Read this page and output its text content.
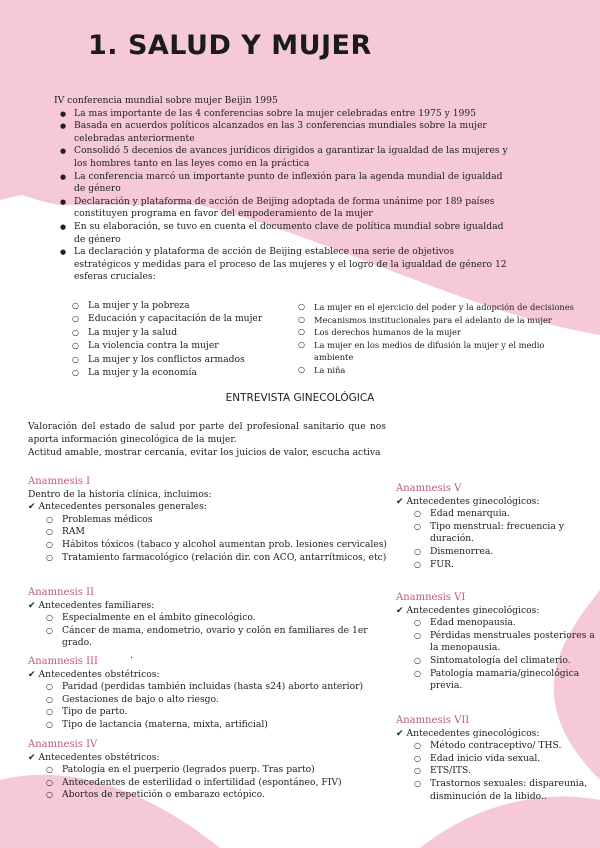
1. SALUD Y MUJER
IV conferencia mundial sobre mujer Beijin 1995
● La mas importante de las 4 conferencias sobre la mujer celebradas entre 1975 y 1995
● Basada en acuerdos políticos alcanzados en las 3 conferencias mundiales sobre la mujer celebradas anteriormente
● Consolidó 5 decenios de avances jurídicos dirigidos a garantizar la igualdad de las mujeres y los hombres tanto en las leyes como en la práctica
● La conferencia marcó un importante punto de inflexión para la agenda mundial de igualdad de género
● Declaración y plataforma de acción de Beijing adoptada de forma unánime por 189 países constituyen programa en favor del empoderamiento de la mujer
● En su elaboración, se tuvo en cuenta el documento clave de política mundial sobre igualdad de género
● La declaración y plataforma de acción de Beijing establece una serie de objetivos estratégicos y medidas para el proceso de las mujeres y el logro de la igualdad de género 12 esferas cruciales:
○ La mujer y la pobreza
○ Educación y capacitación de la mujer
○ La mujer y la salud
○ La violencia contra la mujer
○ La mujer y los conflictos armados
○ La mujer y la economía
○ La mujer en el ejercicio del poder y la adopción de decisiones
○ Mecanismos institucionales para el adelanto de la mujer
○ Los derechos humanos de la mujer
○ La mujer en los medios de difusión la mujer y el medio ambiente
○ La niña
ENTREVISTA GINECOLÓGICA
Valoración del estado de salud por parte del profesional sanitario que nos aporta información ginecológica de la mujer.
Actitud amable, mostrar cercanía, evitar los juicios de valor, escucha activa
Anamnesis I
Dentro de la historia clínica, incluimos:
✔ Antecedentes personales generales:
○ Problemas médicos
○ RAM
○ Hábitos tóxicos (tabaco y alcohol aumentan prob. lesiones cervicales)
○ Tratamiento farmacológico (relación dir. con ACO, antarrítmicos, etc)
Anamnesis II
✔ Antecedentes familiares:
○ Especialmente en el ámbito ginecológico.
○ Cáncer de mama, endometrio, ovario y colón en familiares de 1er grado.
.
Anamnesis III
✔ Antecedentes obstétricos:
○ Paridad (perdidas también incluidas (hasta s24) aborto anterior)
○ Gestaciones de bajo o alto riesgo.
○ Tipo de parto.
○ Tipo de lactancia (materna, mixta, artificial)
Anamnesis IV
✔ Antecedentes obstétricos:
○ Patología en el puerperio (legrados puerp. Tras parto)
○ Antecedentes de esterilidad o infertilidad (espontáneo, FIV)
○ Abortos de repetición o embarazo ectópico.
Anamnesis V
✔ Antecedentes ginecológicos:
○ Edad menarquia.
○ Tipo menstrual: frecuencia y duración.
○ Dismenorrea.
○ FUR.
Anamnesis VI
✔ Antecedentes ginecológicos:
○ Edad menopausia.
○ Pérdidas menstruales posteriores a la menopausia.
○ Sintomatología del climaterio.
○ Patología mamaria/ginecológica previa.
Anamnesis VII
✔ Antecedentes ginecológicos:
○ Método contraceptivo/ THS.
○ Edad inicio vida sexual.
○ ETS/ITS.
○ Trastornos sexuales: dispareunia, disminución de la libido..
